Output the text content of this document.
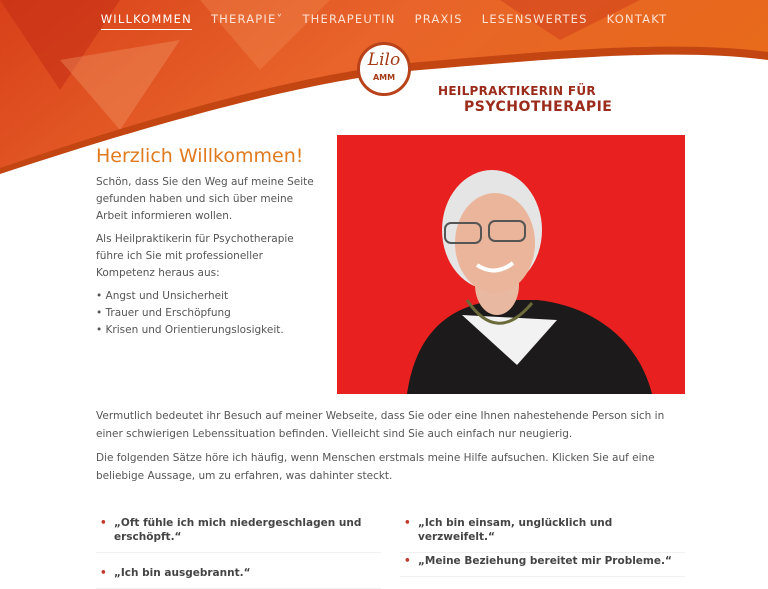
WILLKOMMEN THERAPIE˅ THERAPEUTIN PRAXIS LESENSWERTES KONTAKT
Lilo
AMM
HEILPRAKTIKERIN FÜR
PSYCHOTHERAPIE
Herzlich Willkommen!

Schön, dass Sie den Weg auf meine Seite gefunden haben und sich über meine Arbeit informieren wollen.

Als Heilpraktikerin für Psychotherapie führe ich Sie mit professioneller Kompetenz heraus aus:

• Angst und Unsicherheit
• Trauer und Erschöpfung
• Krisen und Orientierungslosigkeit.

Vermutlich bedeutet ihr Besuch auf meiner Webseite, dass Sie oder eine Ihnen nahestehende Person sich in einer schwierigen Lebenssituation befinden. Vielleicht sind Sie auch einfach nur neugierig.

Die folgenden Sätze höre ich häufig, wenn Menschen erstmals meine Hilfe aufsuchen. Klicken Sie auf eine beliebige Aussage, um zu erfahren, was dahinter steckt.

• „Oft fühle ich mich niedergeschlagen und erschöpft.“
• „Ich bin einsam, unglücklich und verzweifelt.“
• „Meine Beziehung bereitet mir Probleme.“
• „Ich bin ausgebrannt.“
